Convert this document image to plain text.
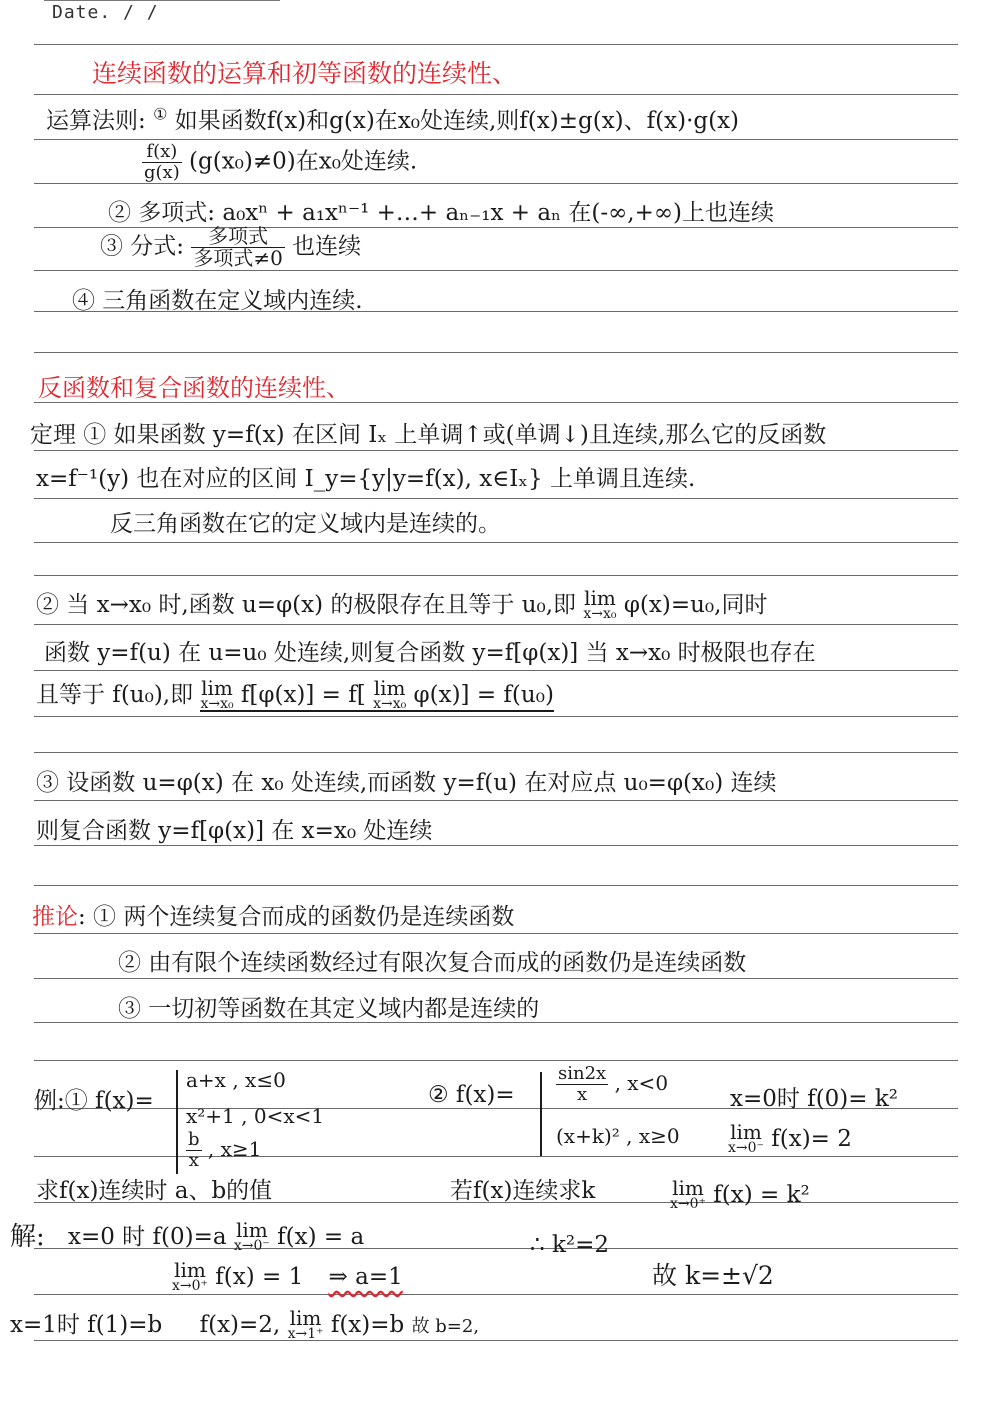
Date. / /
连续函数的运算和初等函数的连续性、
运算法则: ① 如果函数f(x)和g(x)在x₀处连续,则f(x)±g(x)、f(x)·g(x)
$\frac{f(x)}{g(x)} (g(x_0)\ne 0)$在x₀处连续.
② 多项式: a₀xⁿ + a₁xⁿ⁻¹ +…+ aₙ₋₁x + aₙ 在(-∞,+∞)上也连续
③ 分式: $\frac{\text{多项式}}{\text{多项式≠0}}$ 也连续
④ 三角函数在定义域内连续.
反函数和复合函数的连续性、
定理 ① 如果函数 y=f(x) 在区间 Iₓ 上单调↑或(单调↓)且连续,那么它的反函数
x=f⁻¹(y) 也在对应的区间 I_y={y|y=f(x), x∈Iₓ} 上单调且连续.
反三角函数在它的定义域内是连续的。
② 当 x→x₀ 时,函数 u=φ(x) 的极限存在且等于 u₀,即 lim
x→x₀ φ(x)=u₀,同时
函数 y=f(u) 在 u=u₀ 处连续,则复合函数 y=f[φ(x)] 当 x→x₀ 时极限也存在
且等于 f(u₀),即 lim
x→x₀ f[φ(x)] = f[ lim
x→x₀ φ(x)] = f(u₀)
③ 设函数 u=φ(x) 在 x₀ 处连续,而函数 y=f(u) 在对应点 u₀=φ(x₀) 连续
则复合函数 y=f[φ(x)] 在 x=x₀ 处连续
推论: ① 两个连续复合而成的函数仍是连续函数
② 由有限个连续函数经过有限次复合而成的函数仍是连续函数
③ 一切初等函数在其定义域内都是连续的
例:① f(x)=
a+x , x≤0
x²+1 , 0<x<1
$\frac{b}{x}$ , x≥1
求f(x)连续时 a、b的值
解: x=0 时 f(0)=a lim
x→0⁻ f(x) = a
lim
x→0⁺ f(x) = 1 ⇒ a=1
x=1时 f(1)=b f(x)=2, lim
x→1⁺ f(x)=b 故 b=2,
② $f(x)= \frac{\sin 2x}{x}$ , x<0
(x+k)² , x≥0
x=0时 f(0)= k²
lim
x→0⁻ f(x)= 2
若f(x)连续求k	lim
x→0⁺ f(x) = k²
∴ k²=2
故 k=±√2
